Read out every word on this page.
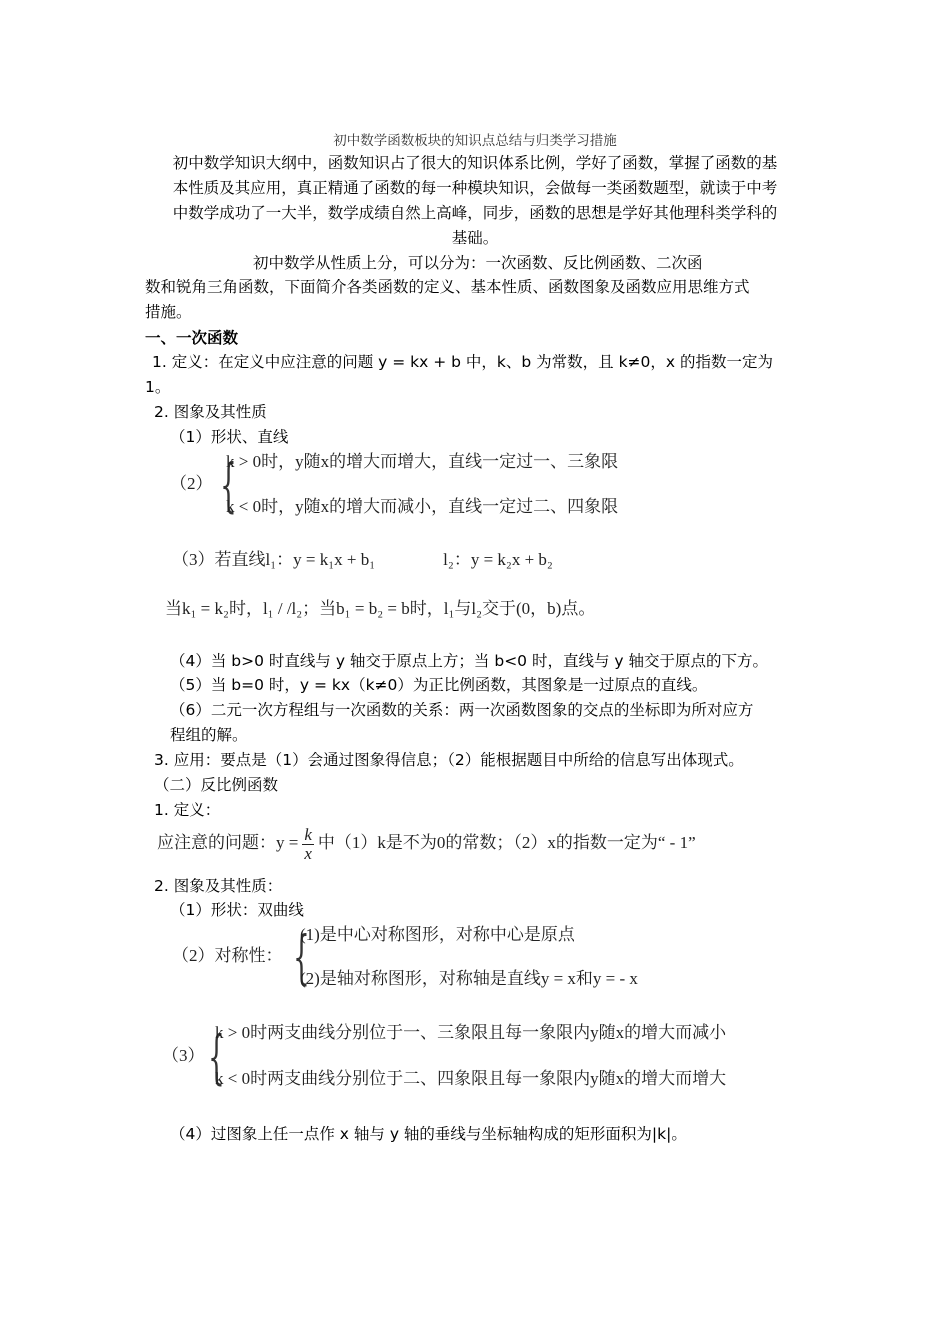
初中数学函数板块的知识点总结与归类学习措施
初中数学知识大纲中，函数知识占了很大的知识体系比例，学好了函数，掌握了函数的基
本性质及其应用，真正精通了函数的每一种模块知识，会做每一类函数题型，就读于中考
中数学成功了一大半，数学成绩自然上高峰，同步，函数的思想是学好其他理科类学科的
基础。
初中数学从性质上分，可以分为：一次函数、反比例函数、二次函
数和锐角三角函数，下面简介各类函数的定义、基本性质、函数图象及函数应用思维方式
措施。
一、一次函数
1. 定义：在定义中应注意的问题 y = kx + b 中，k、b 为常数，且 k≠0，x 的指数一定为
1。
2. 图象及其性质
（1）形状、直线
（2） {
k > 0时，y随x的增大而增大，直线一定过一、三象限
k < 0时，y随x的增大而减小，直线一定过二、四象限
（3）若直线l₁：y = k₁x + b₁　　　　l₂：y = k₂x + b₂
当k₁ = k₂时，l₁ / /l₂；当b₁ = b₂ = b时，l₁与l₂交于(0，b)点。
（4）当 b>0 时直线与 y 轴交于原点上方；当 b<0 时，直线与 y 轴交于原点的下方。
（5）当 b=0 时，y = kx（k≠0）为正比例函数，其图象是一过原点的直线。
（6）二元一次方程组与一次函数的关系：两一次函数图象的交点的坐标即为所对应方
程组的解。
3. 应用：要点是（1）会通过图象得信息；（2）能根据题目中所给的信息写出体现式。
（二）反比例函数
1. 定义：
应注意的问题：$y = \frac{k}{x}$ 中（1）k是不为0的常数；（2）x的指数一定为“ - 1”
2. 图象及其性质：
（1）形状：双曲线
（2）对称性： {
(1)是中心对称图形，对称中心是原点
(2)是轴对称图形，对称轴是直线y = x和y = - x
（3） {
k > 0时两支曲线分别位于一、三象限且每一象限内y随x的增大而减小
k < 0时两支曲线分别位于二、四象限且每一象限内y随x的增大而增大
（4）过图象上任一点作 x 轴与 y 轴的垂线与坐标轴构成的矩形面积为|k|。
